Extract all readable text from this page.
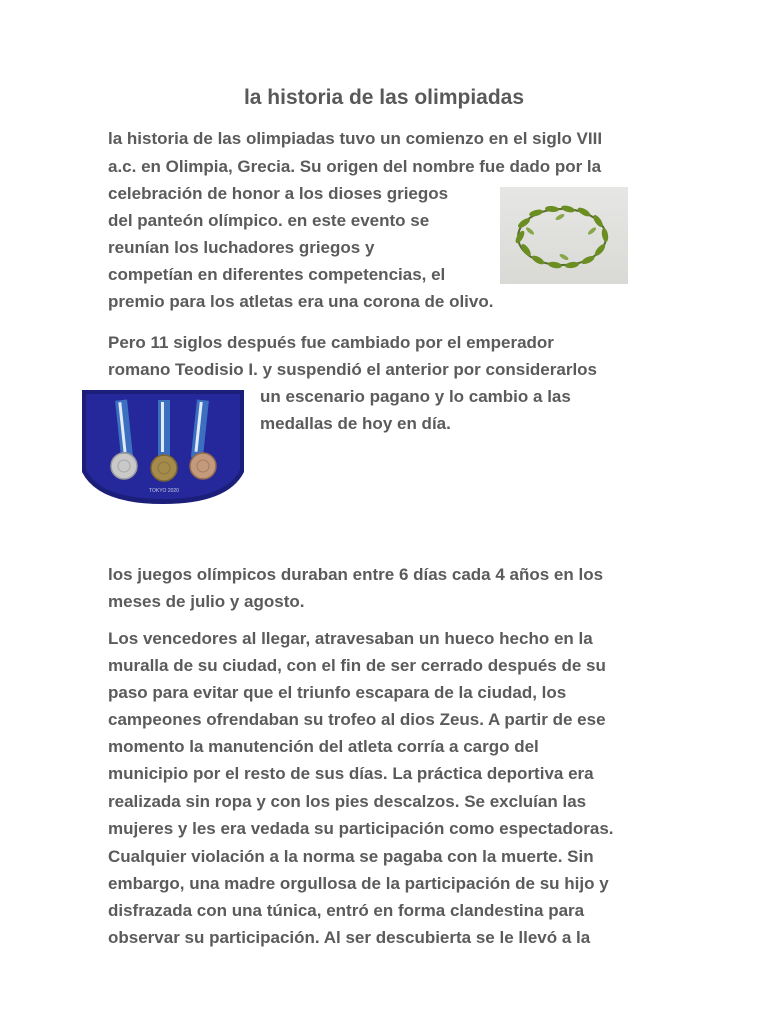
la historia de las olimpiadas
la historia de las olimpiadas tuvo un comienzo en el siglo VIII
a.c. en Olimpia, Grecia. Su origen del nombre fue dado por la
celebración de honor a los dioses griegos
del panteón olímpico. en este evento se
reunían los luchadores griegos y
competían en diferentes competencias, el
premio para los atletas era una corona de olivo.
Pero 11 siglos después fue cambiado por el emperador
romano Teodisio I. y suspendió el anterior por considerarlos
un escenario pagano y lo cambio a las
medallas de hoy en día.
TOKYO 2020
los juegos olímpicos duraban entre 6 días cada 4 años en los
meses de julio y agosto.
Los vencedores al llegar, atravesaban un hueco hecho en la
muralla de su ciudad, con el fin de ser cerrado después de su
paso para evitar que el triunfo escapara de la ciudad, los
campeones ofrendaban su trofeo al dios Zeus. A partir de ese
momento la manutención del atleta corría a cargo del
municipio por el resto de sus días. La práctica deportiva era
realizada sin ropa y con los pies descalzos. Se excluían las
mujeres y les era vedada su participación como espectadoras.
Cualquier violación a la norma se pagaba con la muerte. Sin
embargo, una madre orgullosa de la participación de su hijo y
disfrazada con una túnica, entró en forma clandestina para
observar su participación. Al ser descubierta se le llevó a la
